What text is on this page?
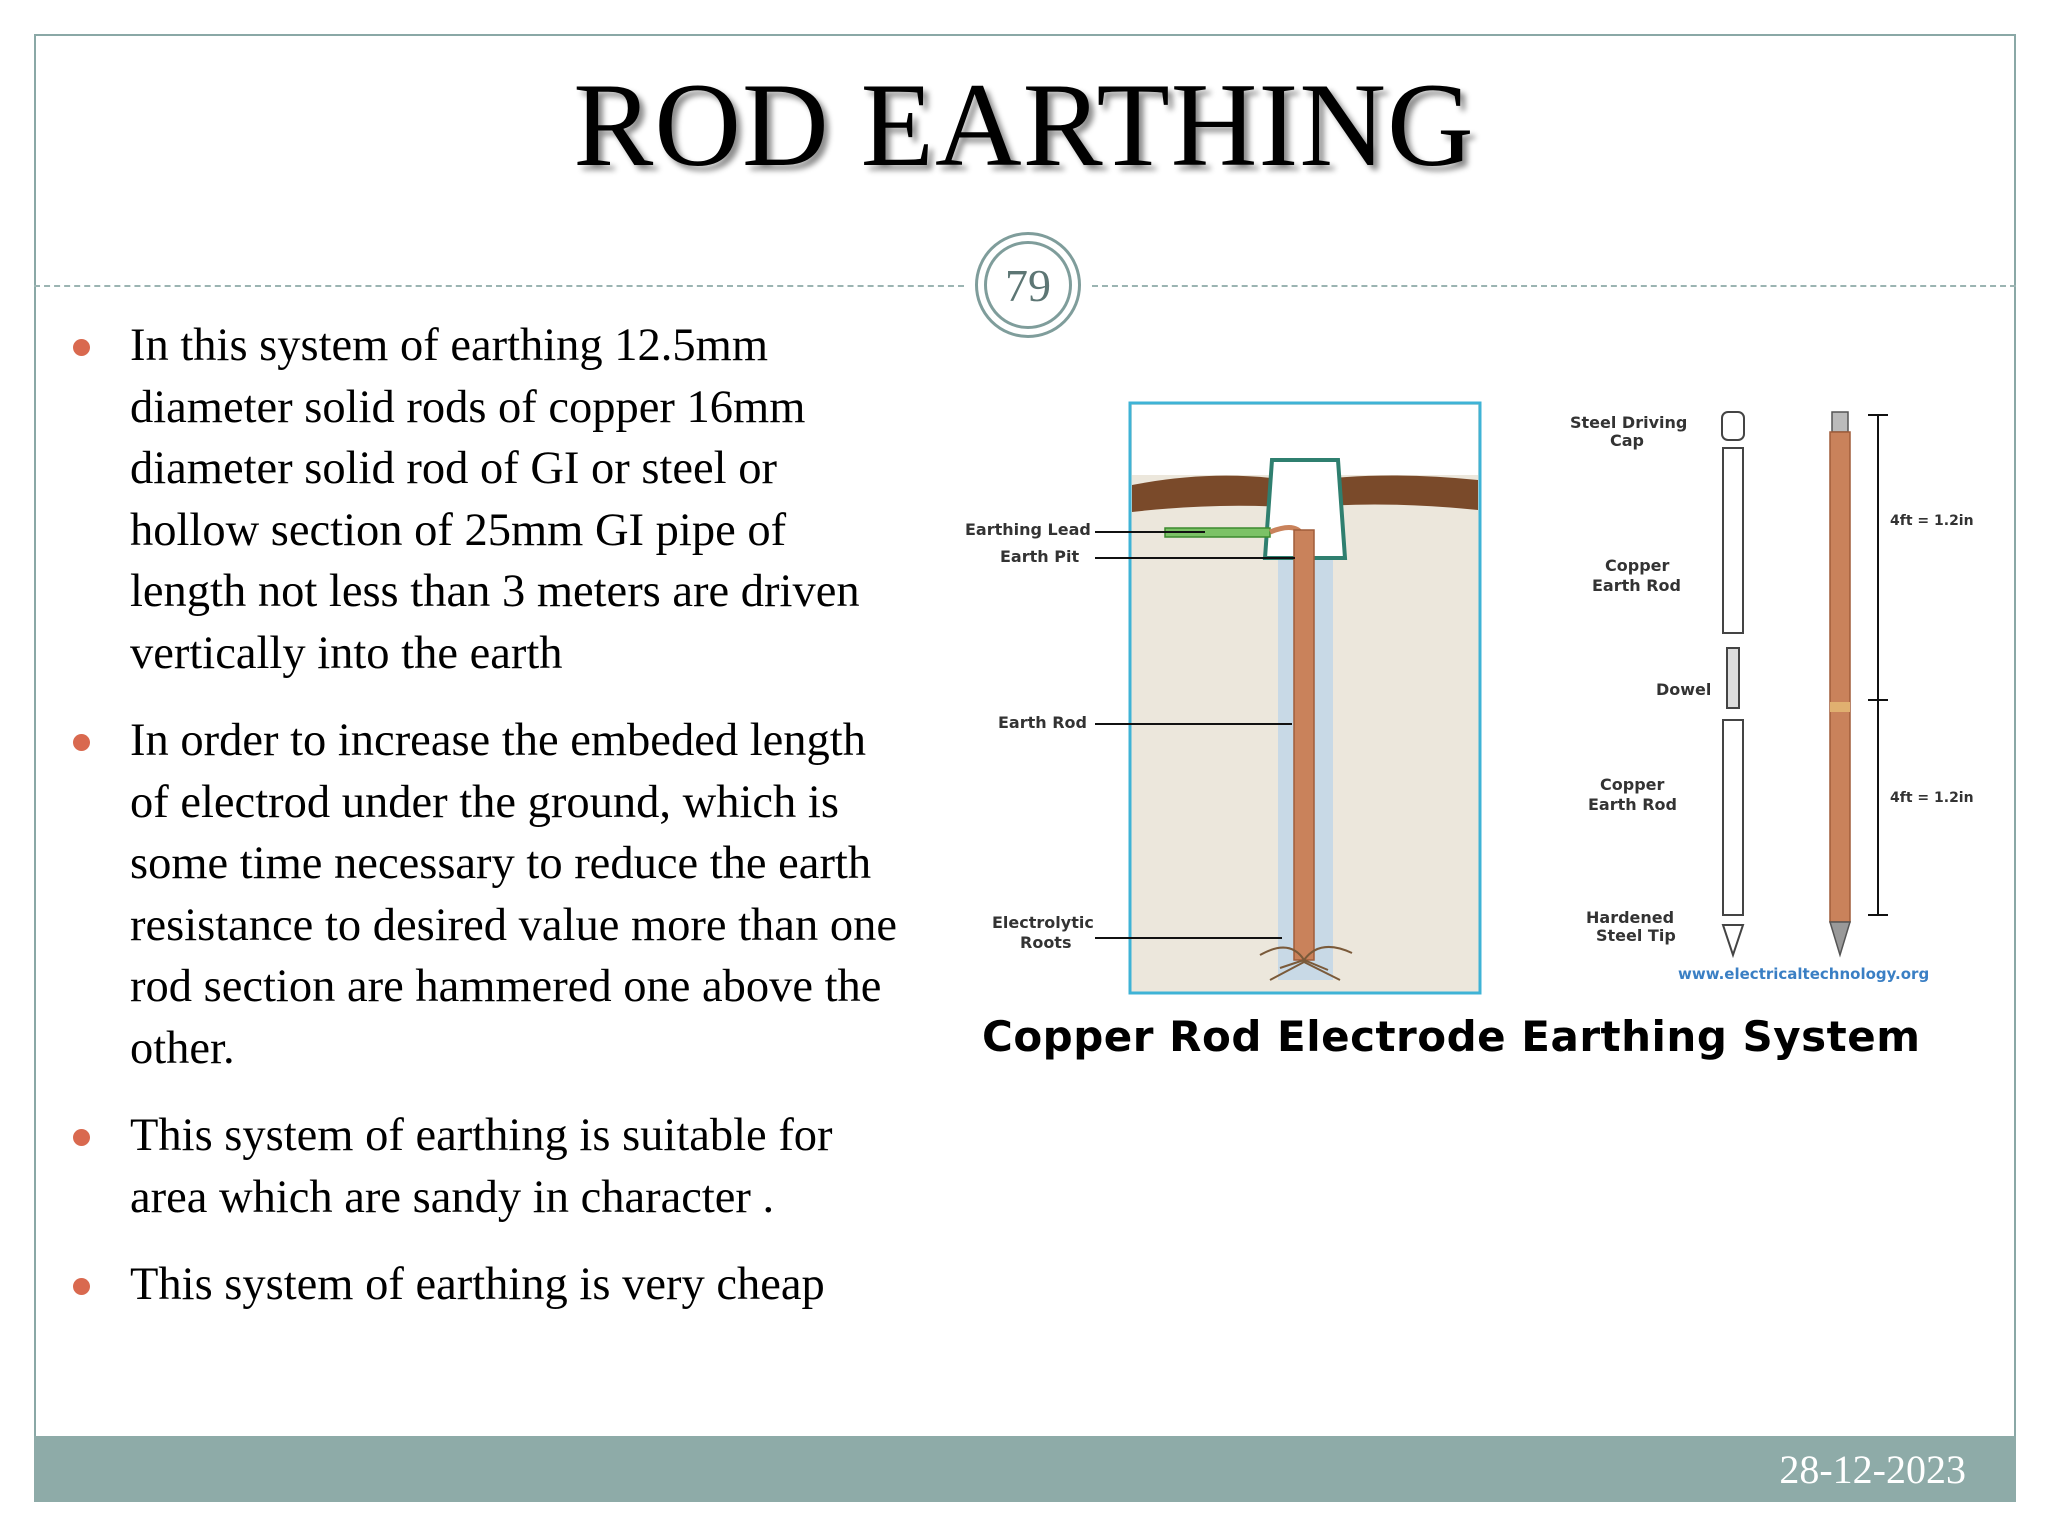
ROD EARTHING
79
In this system of earthing 12.5mm diameter solid rods of copper 16mm diameter solid rod of GI or steel or hollow section of 25mm GI pipe of length not less than 3 meters are driven vertically into the earth
In order to increase the embeded length of electrod under the ground, which is some time necessary to reduce the earth resistance to desired value more than one rod section are hammered one above the other.
This system of earthing is suitable for area which are sandy in character .
This system of earthing is very cheap
Earthing Lead
Earth Pit
Earth Rod
Electrolytic
Roots
Steel Driving
Cap
Copper
Earth Rod
Dowel
Copper
Earth Rod
Hardened
Steel Tip
4ft = 1.2in
4ft = 1.2in
www.electricaltechnology.org
Copper Rod Electrode Earthing System
28-12-2023
